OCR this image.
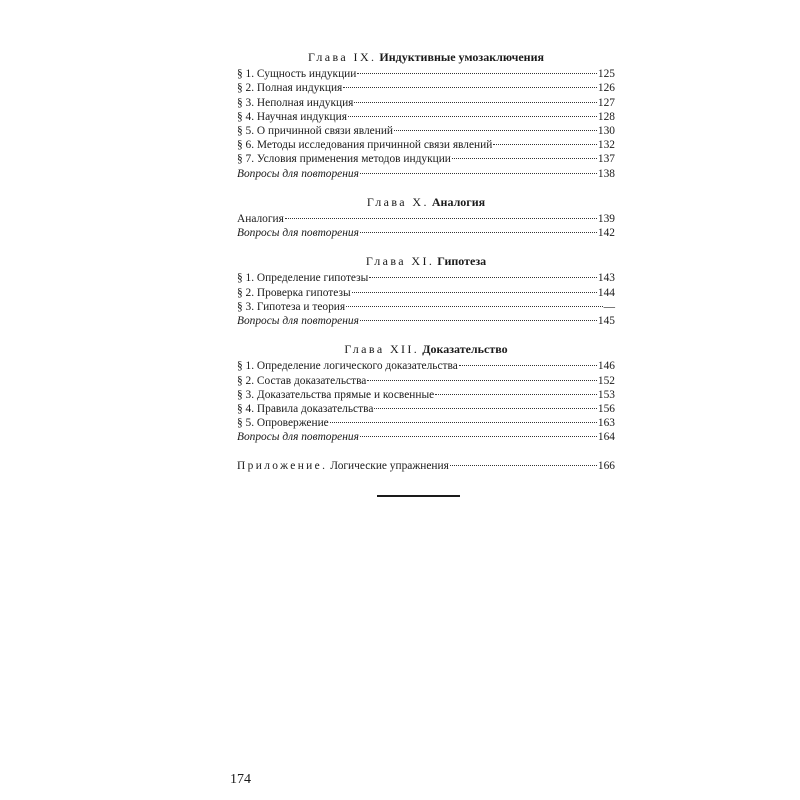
Глава IX. Индуктивные умозаключения
§ 1. Сущность индукции	125
§ 2. Полная индукция	126
§ 3. Неполная индукция	127
§ 4. Научная индукция	128
§ 5. О причинной связи явлений	130
§ 6. Методы исследования причинной связи явлений	132
§ 7. Условия применения методов индукции	137
Вопросы для повторения	138
Глава X. Аналогия
Аналогия	139
Вопросы для повторения	142
Глава XI. Гипотеза
§ 1. Определение гипотезы	143
§ 2. Проверка гипотезы	144
§ 3. Гипотеза и теория	—
Вопросы для повторения	145
Глава XII. Доказательство
§ 1. Определение логического доказательства	146
§ 2. Состав доказательства	152
§ 3. Доказательства прямые и косвенные	153
§ 4. Правила доказательства	156
§ 5. Опровержение	163
Вопросы для повторения	164
Приложение. Логические упражнения	166
174
